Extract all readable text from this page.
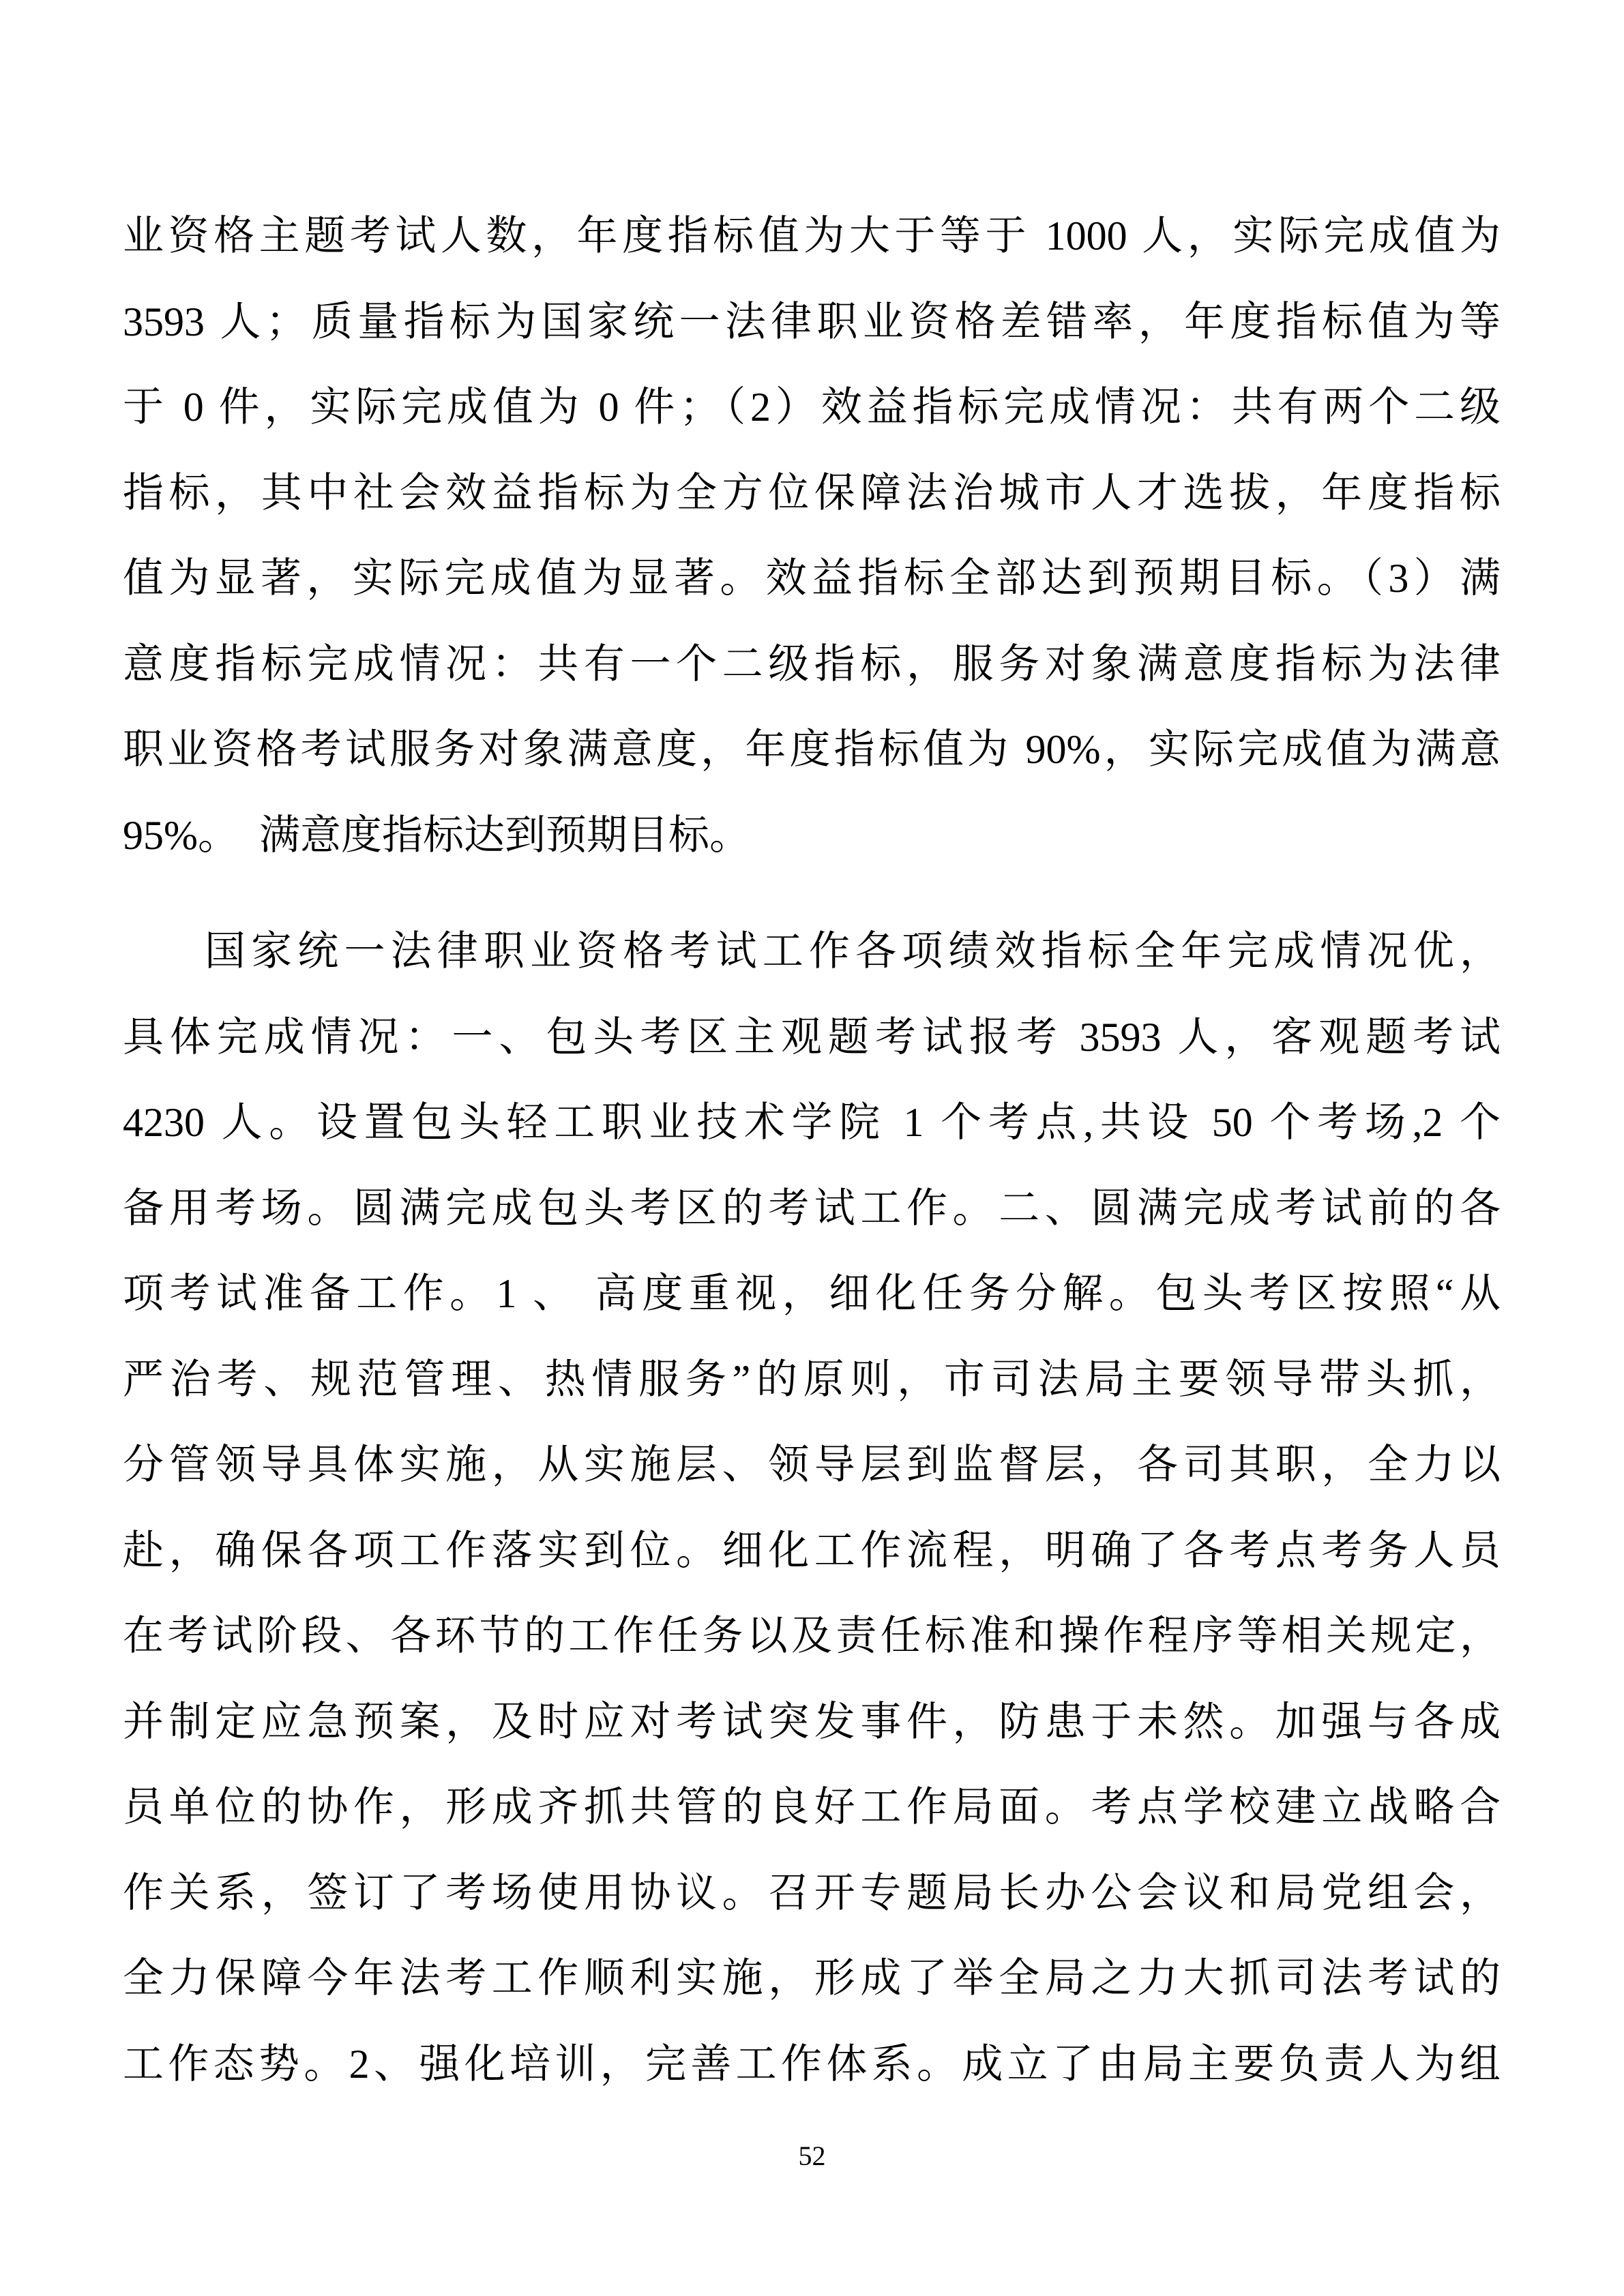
业资格主题考试人数，年度指标值为大于等于 1000 人，实际完成值为
3593 人；质量指标为国家统一法律职业资格差错率，年度指标值为等
于 0 件，实际完成值为 0 件；（2）效益指标完成情况：共有两个二级
指标，其中社会效益指标为全方位保障法治城市人才选拔，年度指标
值为显著，实际完成值为显著。效益指标全部达到预期目标。（3）满
意度指标完成情况：共有一个二级指标，服务对象满意度指标为法律
职业资格考试服务对象满意度，年度指标值为 90%，实际完成值为满意
95%。　满意度指标达到预期目标。
国家统一法律职业资格考试工作各项绩效指标全年完成情况优，
具体完成情况：一、包头考区主观题考试报考 3593 人，客观题考试
4230 人。设置包头轻工职业技术学院 1 个考点,共设 50 个考场,2 个
备用考场。圆满完成包头考区的考试工作。二、圆满完成考试前的各
项考试准备工作。1 、 高度重视，细化任务分解。包头考区按照“从
严治考、规范管理、热情服务”的原则，市司法局主要领导带头抓，
分管领导具体实施，从实施层、领导层到监督层，各司其职，全力以
赴，确保各项工作落实到位。细化工作流程，明确了各考点考务人员
在考试阶段、各环节的工作任务以及责任标准和操作程序等相关规定，
并制定应急预案，及时应对考试突发事件，防患于未然。加强与各成
员单位的协作，形成齐抓共管的良好工作局面。考点学校建立战略合
作关系，签订了考场使用协议。召开专题局长办公会议和局党组会，
全力保障今年法考工作顺利实施，形成了举全局之力大抓司法考试的
工作态势。2、强化培训，完善工作体系。成立了由局主要负责人为组
52
